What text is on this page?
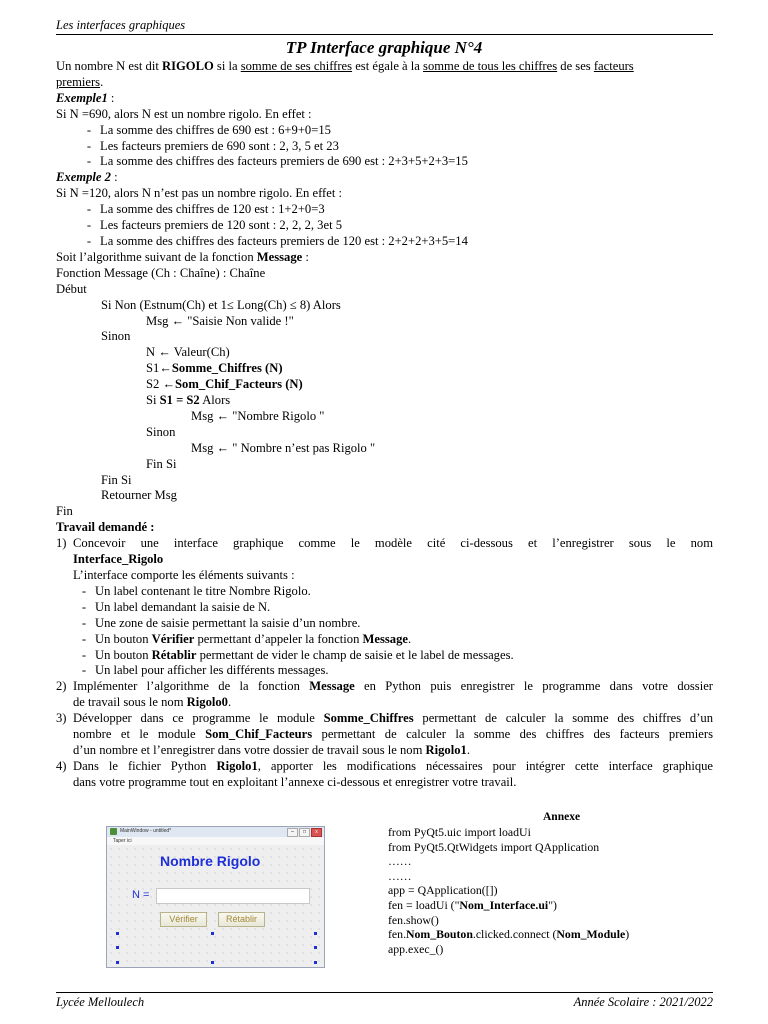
Les interfaces graphiques
TP Interface graphique N°4
Un nombre N est dit RIGOLO si la somme de ses chiffres est égale à la somme de tous les chiffres de ses facteurs
premiers.
Exemple1 :
Si N =690, alors N est un nombre rigolo. En effet :
- La somme des chiffres de 690 est : 6+9+0=15
- Les facteurs premiers de 690 sont : 2, 3, 5 et 23
- La somme des chiffres des facteurs premiers de 690 est : 2+3+5+2+3=15
Exemple 2 :
Si N =120, alors N n’est pas un nombre rigolo. En effet :
- La somme des chiffres de 120 est : 1+2+0=3
- Les facteurs premiers de 120 sont : 2, 2, 2, 3et 5
- La somme des chiffres des facteurs premiers de 120 est : 2+2+2+3+5=14
Soit l’algorithme suivant de la fonction Message :
Fonction Message (Ch : Chaîne) : Chaîne
Début
Si Non (Estnum(Ch) et 1≤ Long(Ch) ≤ 8) Alors
Msg ← "Saisie Non valide !"
Sinon
N ← Valeur(Ch)
S1←Somme_Chiffres (N)
S2 ←Som_Chif_Facteurs (N)
Si S1 = S2 Alors
Msg ← "Nombre Rigolo "
Sinon
Msg ← " Nombre n’est pas Rigolo "
Fin Si
Fin Si
Retourner Msg
Fin
Travail demandé :
1) Concevoir une interface graphique comme le modèle cité ci-dessous et l’enregistrer sous le nom
Interface_Rigolo
L’interface comporte les éléments suivants :
- Un label contenant le titre Nombre Rigolo.
- Un label demandant la saisie de N.
- Une zone de saisie permettant la saisie d’un nombre.
- Un bouton Vérifier permettant d’appeler la fonction Message.
- Un bouton Rétablir permettant de vider le champ de saisie et le label de messages.
- Un label pour afficher les différents messages.
2) Implémenter l’algorithme de la fonction Message en Python puis enregistrer le programme dans votre dossier
de travail sous le nom Rigolo0.
3) Développer dans ce programme le module Somme_Chiffres permettant de calculer la somme des chiffres d’un
nombre et le module Som_Chif_Facteurs permettant de calculer la somme des chiffres des facteurs premiers
d’un nombre et l’enregistrer dans votre dossier de travail sous le nom Rigolo1.
4) Dans le fichier Python Rigolo1, apporter les modifications nécessaires pour intégrer cette interface graphique
dans votre programme tout en exploitant l’annexe ci-dessous et enregistrer votre travail.
MainWindow - untitled*	–	□	x
Taper ici
Nombre Rigolo
N =
Vérifier	Rétablir
Annexe
from PyQt5.uic import loadUi
from PyQt5.QtWidgets import QApplication
……
……
app = QApplication([])
fen = loadUi ("Nom_Interface.ui")
fen.show()
fen.Nom_Bouton.clicked.connect (Nom_Module)
app.exec_()
Lycée Melloulech	Année Scolaire : 2021/2022
